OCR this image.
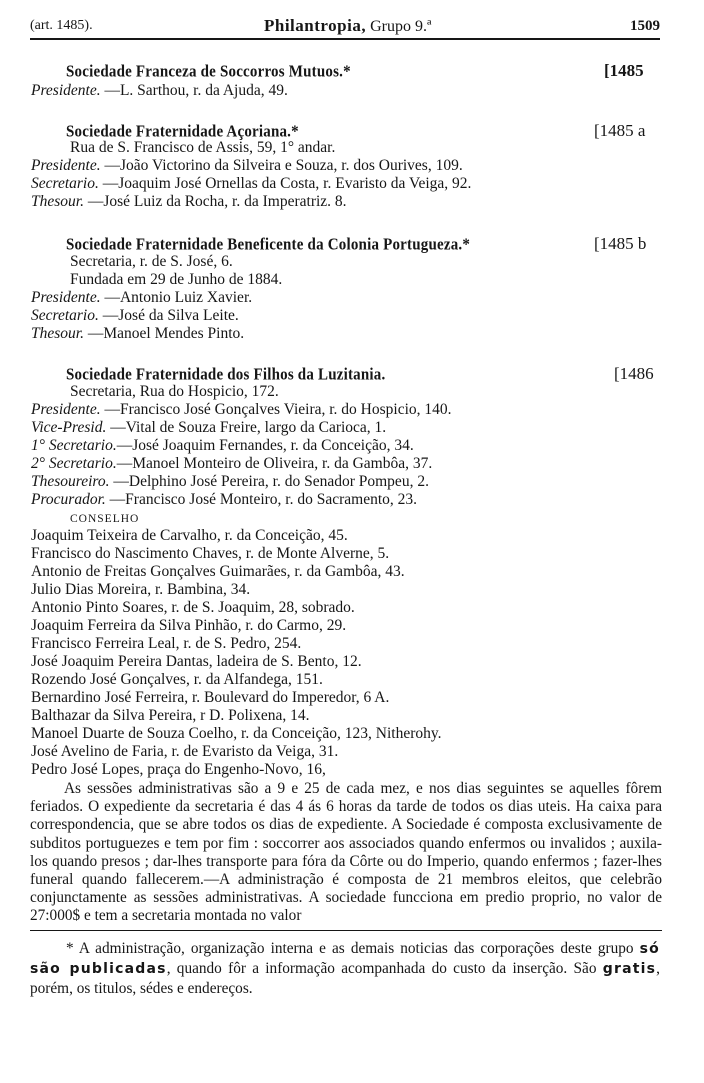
(art. 1485).	Philantropia, Grupo 9.ª	1509
Sociedade Franceza de Soccorros Mutuos.*	[1485
Presidente. —L. Sarthou, r. da Ajuda, 49.
Sociedade Fraternidade Açoriana.*	[1485 a
Rua de S. Francisco de Assis, 59, 1° andar.
Presidente. —João Victorino da Silveira e Souza, r. dos Ourives, 109.
Secretario. —Joaquim José Ornellas da Costa, r. Evaristo da Veiga, 92.
Thesour. —José Luiz da Rocha, r. da Imperatriz. 8.
Sociedade Fraternidade Beneficente da Colonia Portugueza.*	[1485 b
Secretaria, r. de S. José, 6.
Fundada em 29 de Junho de 1884.
Presidente. —Antonio Luiz Xavier.
Secretario. —José da Silva Leite.
Thesour. —Manoel Mendes Pinto.
Sociedade Fraternidade dos Filhos da Luzitania.	[1486
Secretaria, Rua do Hospicio, 172.
Presidente. —Francisco José Gonçalves Vieira, r. do Hospicio, 140.
Vice-Presid. —Vital de Souza Freire, largo da Carioca, 1.
1° Secretario.—José Joaquim Fernandes, r. da Conceição, 34.
2° Secretario.—Manoel Monteiro de Oliveira, r. da Gambôa, 37.
Thesoureiro. —Delphino José Pereira, r. do Senador Pompeu, 2.
Procurador. —Francisco José Monteiro, r. do Sacramento, 23.
CONSELHO
Joaquim Teixeira de Carvalho, r. da Conceição, 45.
Francisco do Nascimento Chaves, r. de Monte Alverne, 5.
Antonio de Freitas Gonçalves Guimarães, r. da Gambôa, 43.
Julio Dias Moreira, r. Bambina, 34.
Antonio Pinto Soares, r. de S. Joaquim, 28, sobrado.
Joaquim Ferreira da Silva Pinhão, r. do Carmo, 29.
Francisco Ferreira Leal, r. de S. Pedro, 254.
José Joaquim Pereira Dantas, ladeira de S. Bento, 12.
Rozendo José Gonçalves, r. da Alfandega, 151.
Bernardino José Ferreira, r. Boulevard do Imperedor, 6 A.
Balthazar da Silva Pereira, r D. Polixena, 14.
Manoel Duarte de Souza Coelho, r. da Conceição, 123, Nitherohy.
José Avelino de Faria, r. de Evaristo da Veiga, 31.
Pedro José Lopes, praça do Engenho-Novo, 16,
As sessões administrativas são a 9 e 25 de cada mez, e nos dias seguintes se aquelles fôrem feriados. O expediente da secretaria é das 4 ás 6 horas da tarde de todos os dias uteis. Ha caixa para correspondencia, que se abre todos os dias de expediente. A Sociedade é composta exclusivamente de subditos portuguezes e tem por fim : soccorrer aos associados quando enfermos ou invalidos ; auxila-los quando presos ; dar-lhes transporte para fóra da Côrte ou do Imperio, quando enfermos ; fazer-lhes funeral quando fallecerem.—A administração é composta de 21 membros eleitos, que celebrão conjunctamente as sessões administrativas. A sociedade funcciona em predio proprio, no valor de 27:000$ e tem a secretaria montada no valor
* A administração, organização interna e as demais noticias das corporações deste grupo só são publicadas, quando fôr a informação acompanhada do custo da inserção. São gratis, porém, os titulos, sédes e endereços.
